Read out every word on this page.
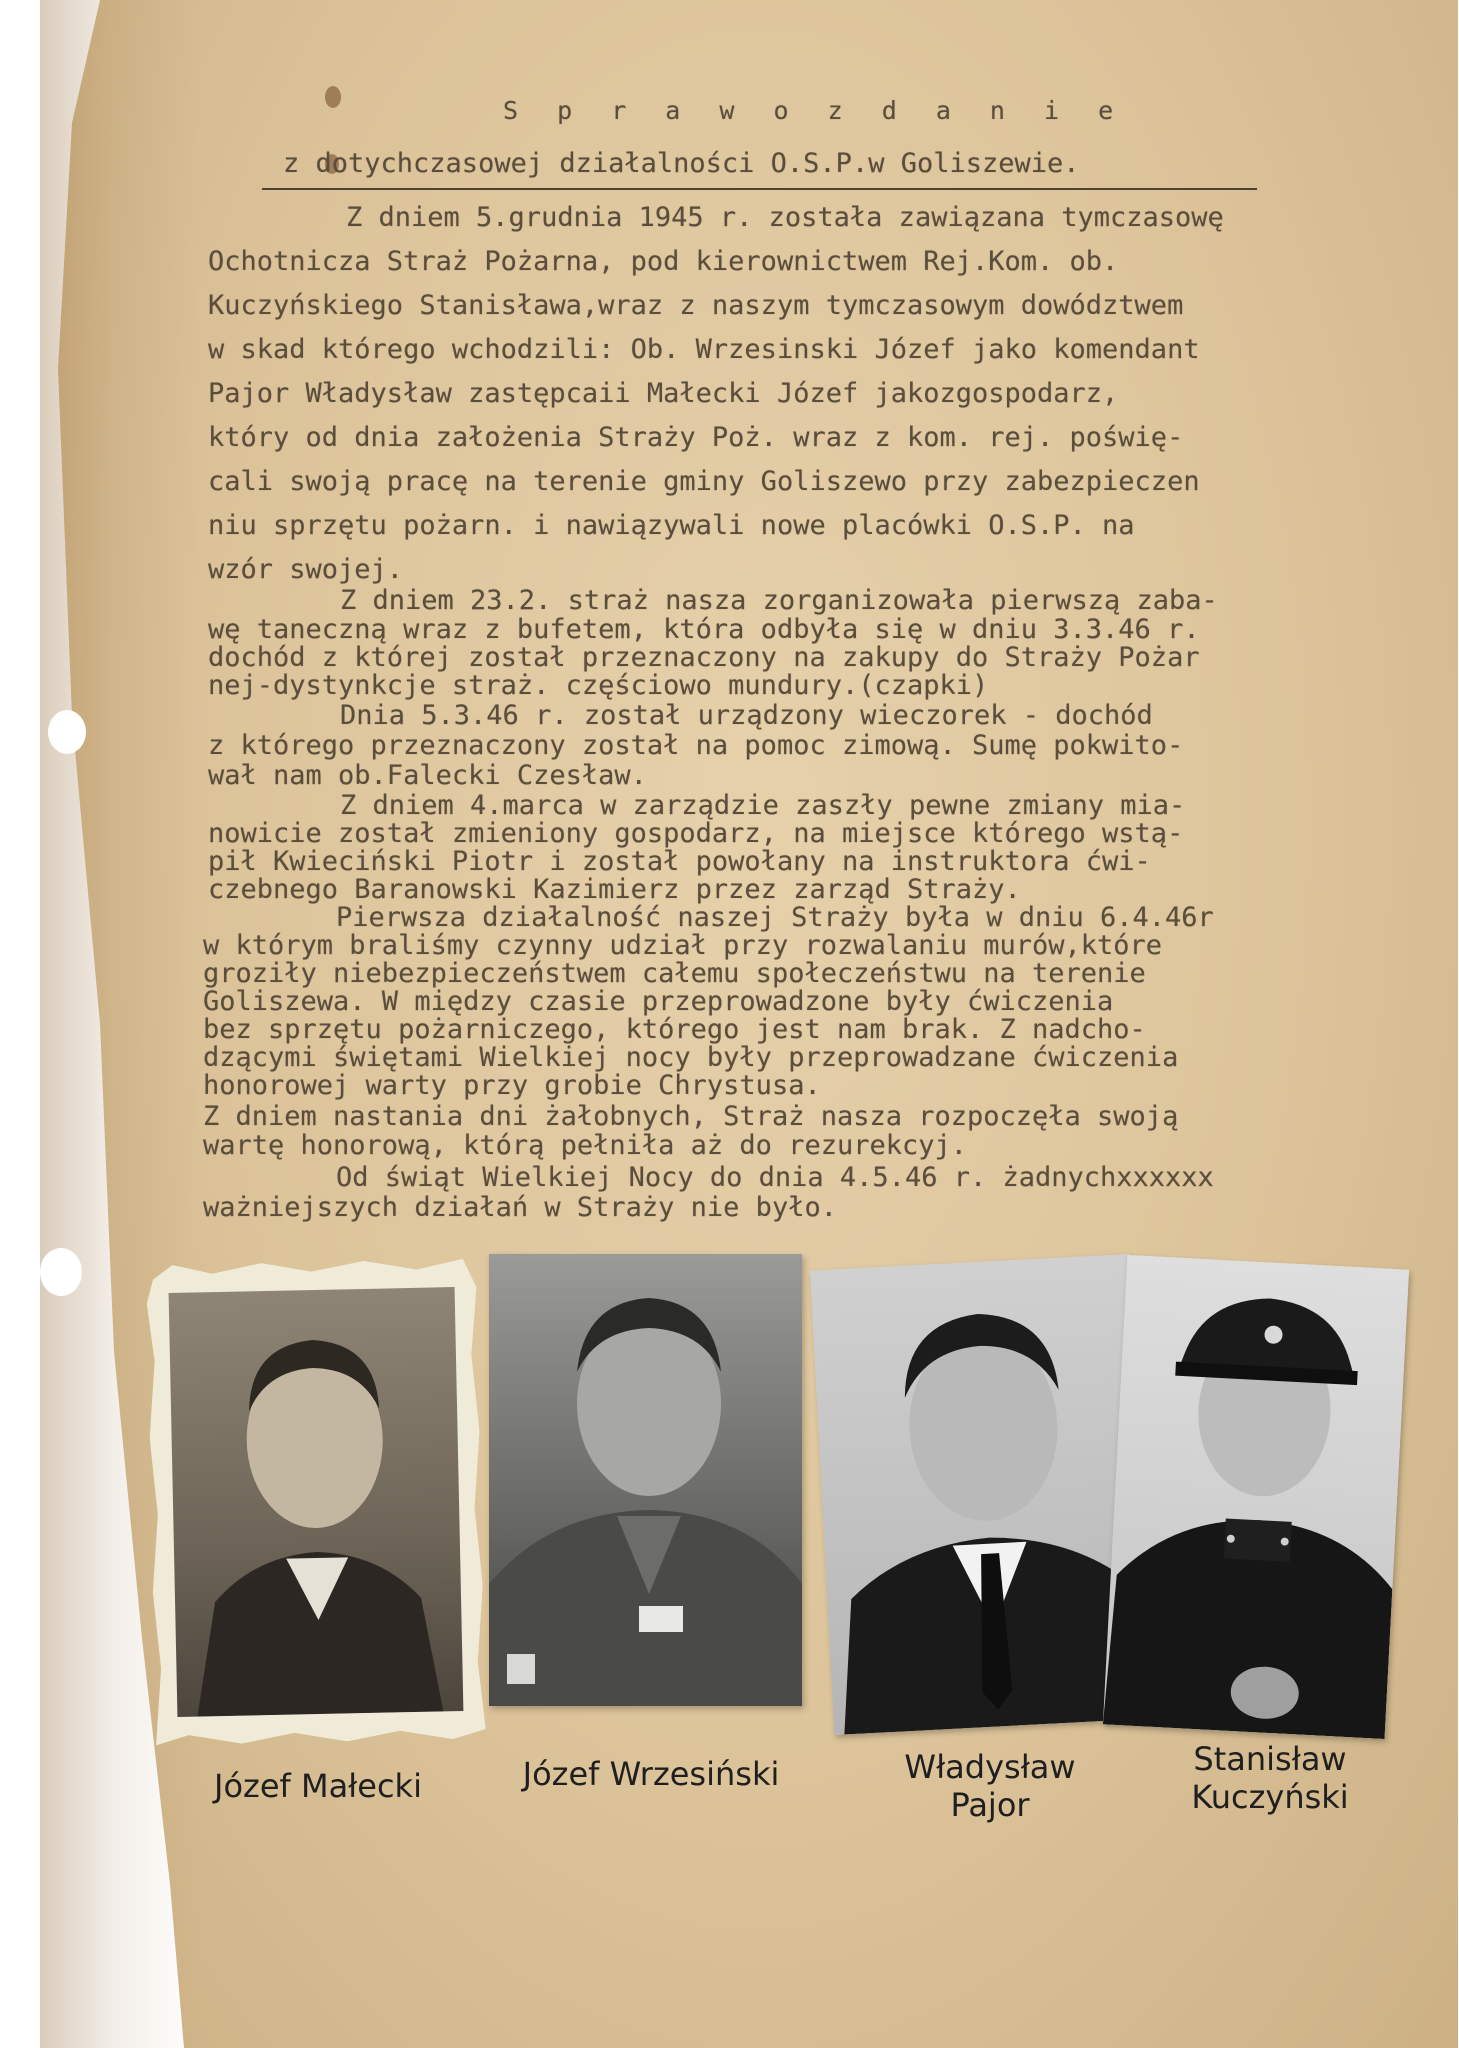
S p r a w o z d a n i e
z dotychczasowej działalności O.S.P.w Goliszewie.
Z dniem 5.grudnia 1945 r. została zawiązana tymczasowę
Ochotnicza Straż Pożarna, pod kierownictwem Rej.Kom. ob.
Kuczyńskiego Stanisława,wraz z naszym tymczasowym dowództwem
w skad którego wchodzili: Ob. Wrzesinski Józef jako komendant
Pajor Władysław zastępcaii Małecki Józef jakozgospodarz,
który od dnia założenia Straży Poż. wraz z kom. rej. poświę-
cali swoją pracę na terenie gminy Goliszewo przy zabezpieczen
niu sprzętu pożarn. i nawiązywali nowe placówki O.S.P. na
wzór swojej.
Z dniem 23.2. straż nasza zorganizowała pierwszą zaba-
wę taneczną wraz z bufetem, która odbyła się w dniu 3.3.46 r.
dochód z której został przeznaczony na zakupy do Straży Pożar
nej-dystynkcje straż. częściowo mundury.(czapki)
Dnia 5.3.46 r. został urządzony wieczorek - dochód
z którego przeznaczony został na pomoc zimową. Sumę pokwito-
wał nam ob.Falecki Czesław.
Z dniem 4.marca w zarządzie zaszły pewne zmiany mia-
nowicie został zmieniony gospodarz, na miejsce którego wstą-
pił Kwieciński Piotr i został powołany na instruktora ćwi-
czebnego Baranowski Kazimierz przez zarząd Straży.
Pierwsza działalność naszej Straży była w dniu 6.4.46r
w którym braliśmy czynny udział przy rozwalaniu murów,które
groziły niebezpieczeństwem całemu społeczeństwu na terenie
Goliszewa. W między czasie przeprowadzone były ćwiczenia
bez sprzętu pożarniczego, którego jest nam brak. Z nadcho-
dzącymi świętami Wielkiej nocy były przeprowadzane ćwiczenia
honorowej warty przy grobie Chrystusa.
Z dniem nastania dni żałobnych, Straż nasza rozpoczęła swoją
wartę honorową, którą pełniła aż do rezurekcyj.
Od świąt Wielkiej Nocy do dnia 4.5.46 r. żadnychxxxxxx
ważniejszych działań w Straży nie było.
Józef Małecki	Józef Wrzesiński	Władysław
Pajor
Stanisław
Kuczyński
